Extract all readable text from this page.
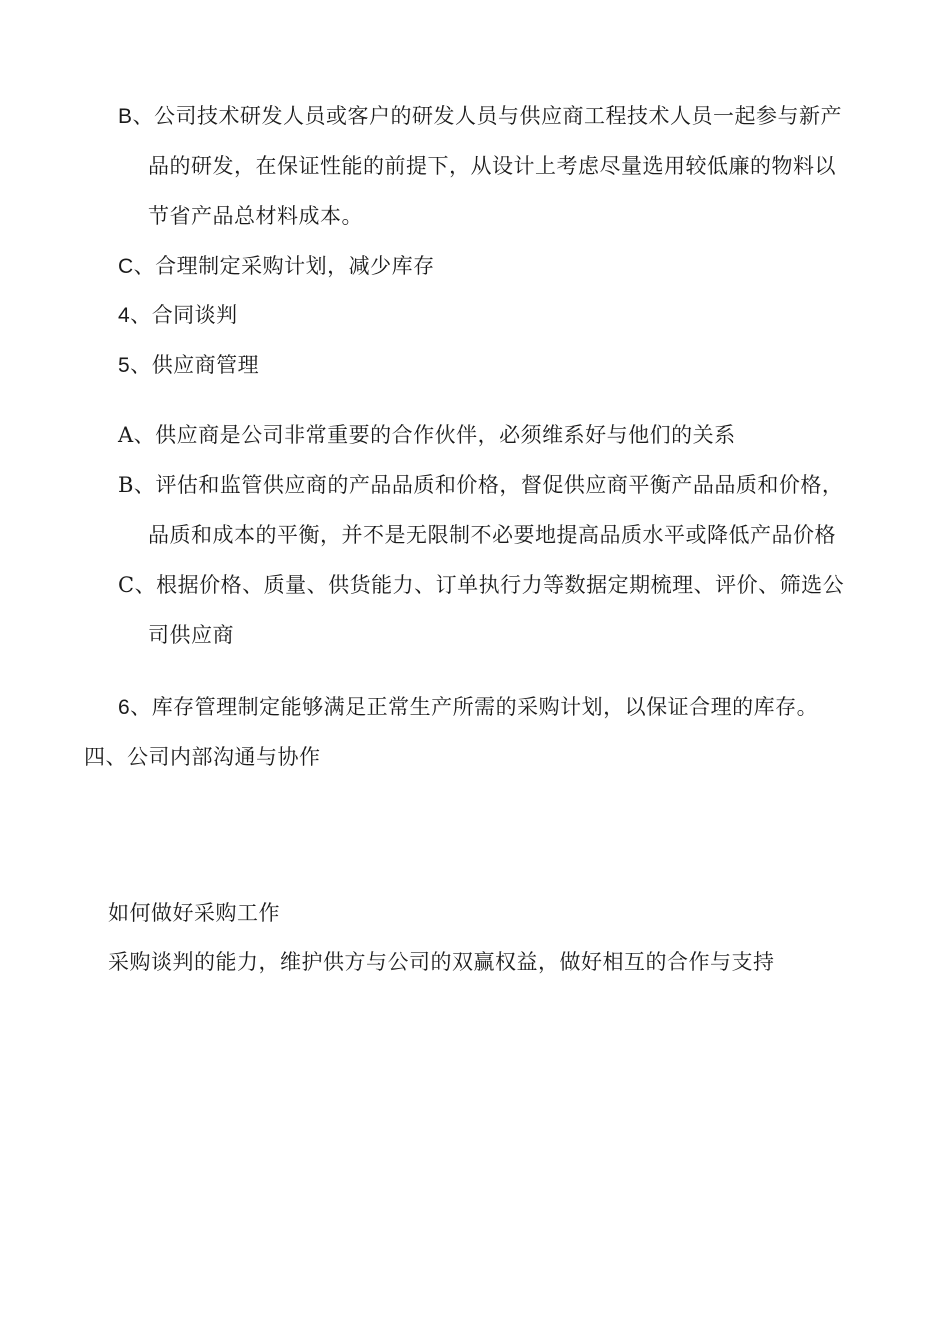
B、公司技术研发人员或客户的研发人员与供应商工程技术人员一起参与新产
品的研发，在保证性能的前提下，从设计上考虑尽量选用较低廉的物料以
节省产品总材料成本。
C、合理制定采购计划，减少库存
4、合同谈判
5、供应商管理
A、供应商是公司非常重要的合作伙伴，必须维系好与他们的关系
B、评估和监管供应商的产品品质和价格，督促供应商平衡产品品质和价格，
品质和成本的平衡，并不是无限制不必要地提高品质水平或降低产品价格
C、根据价格、质量、供货能力、订单执行力等数据定期梳理、评价、筛选公
司供应商
6、库存管理制定能够满足正常生产所需的采购计划，以保证合理的库存。
四、公司内部沟通与协作
如何做好采购工作
采购谈判的能力，维护供方与公司的双赢权益，做好相互的合作与支持
